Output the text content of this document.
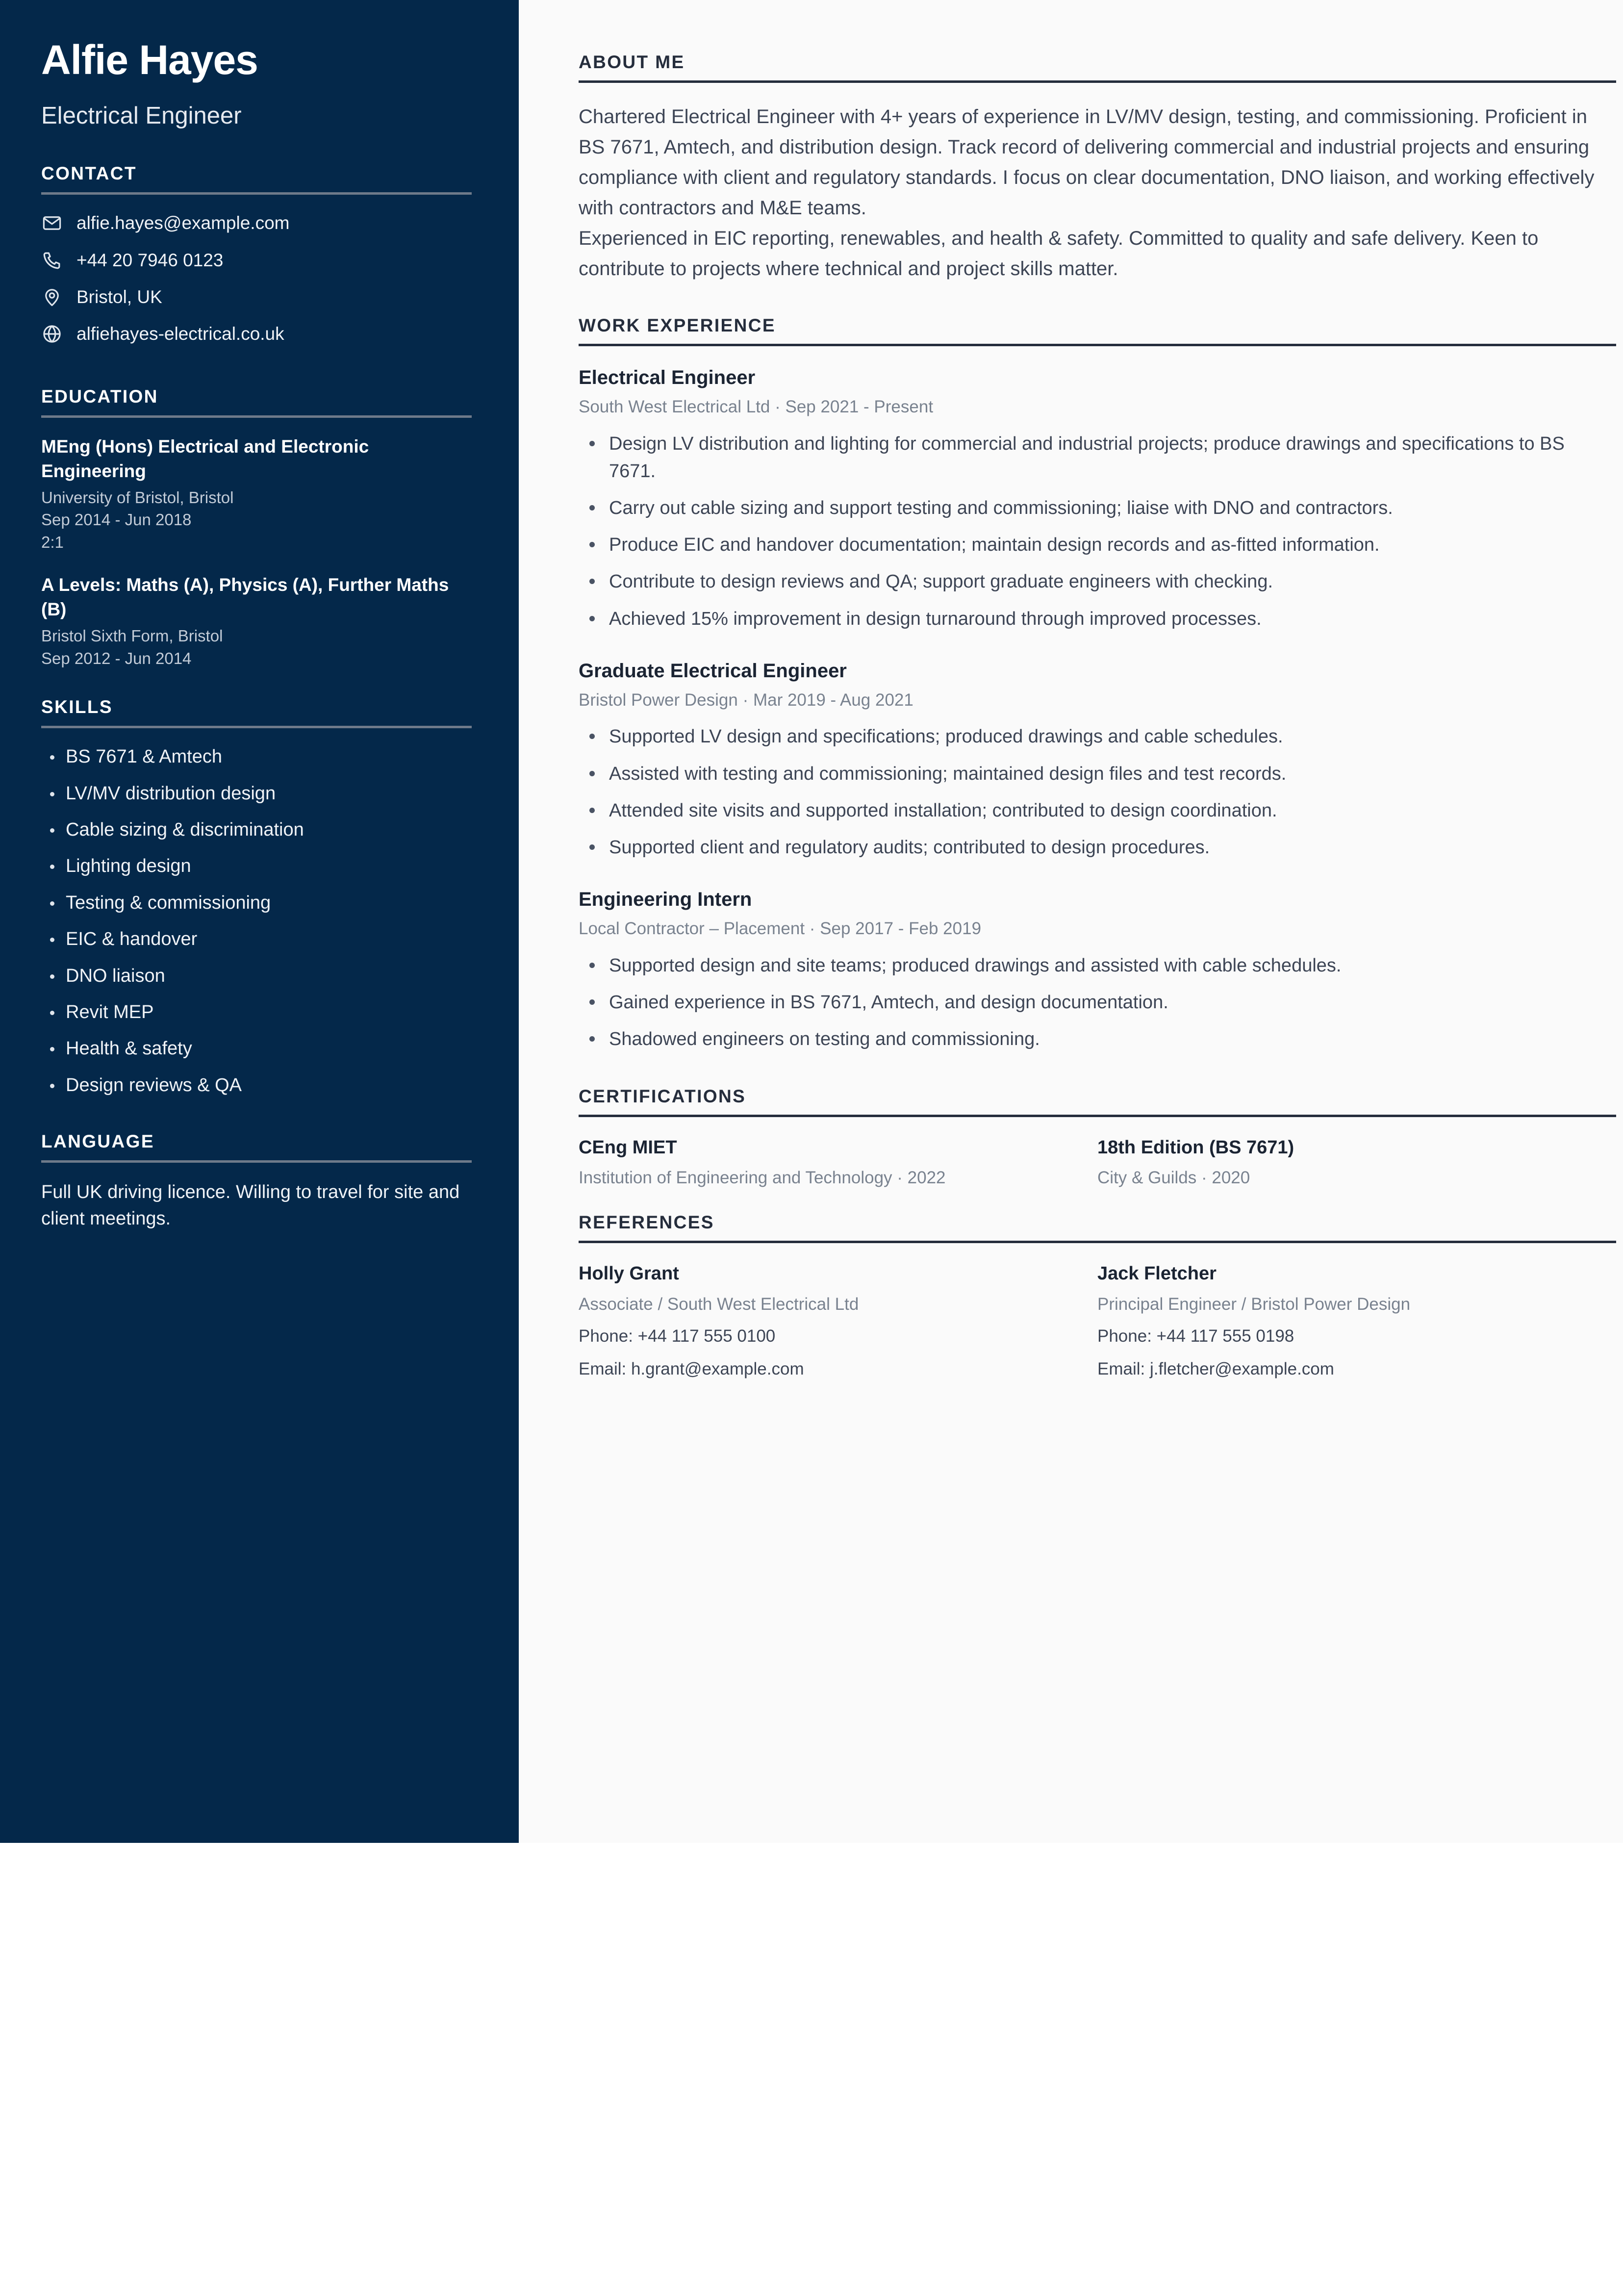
Alfie Hayes
Electrical Engineer
CONTACT
alfie.hayes@example.com
+44 20 7946 0123
Bristol, UK
alfiehayes-electrical.co.uk
EDUCATION
MEng (Hons) Electrical and Electronic Engineering
University of Bristol, Bristol
Sep 2014 - Jun 2018
2:1
A Levels: Maths (A), Physics (A), Further Maths (B)
Bristol Sixth Form, Bristol
Sep 2012 - Jun 2014
SKILLS
BS 7671 & Amtech
LV/MV distribution design
Cable sizing & discrimination
Lighting design
Testing & commissioning
EIC & handover
DNO liaison
Revit MEP
Health & safety
Design reviews & QA
LANGUAGE
Full UK driving licence. Willing to travel for site and client meetings.
ABOUT ME

Chartered Electrical Engineer with 4+ years of experience in LV/MV design, testing, and commissioning. Proficient in BS 7671, Amtech, and distribution design. Track record of delivering commercial and industrial projects and ensuring compliance with client and regulatory standards. I focus on clear documentation, DNO liaison, and working effectively with contractors and M&E teams.

Experienced in EIC reporting, renewables, and health & safety. Committed to quality and safe delivery. Keen to contribute to projects where technical and project skills matter.

WORK EXPERIENCE
Electrical Engineer
South West Electrical Ltd · Sep 2021 - Present
Design LV distribution and lighting for commercial and industrial projects; produce drawings and specifications to BS 7671.
Carry out cable sizing and support testing and commissioning; liaise with DNO and contractors.
Produce EIC and handover documentation; maintain design records and as-fitted information.
Contribute to design reviews and QA; support graduate engineers with checking.
Achieved 15% improvement in design turnaround through improved processes.
Graduate Electrical Engineer
Bristol Power Design · Mar 2019 - Aug 2021
Supported LV design and specifications; produced drawings and cable schedules.
Assisted with testing and commissioning; maintained design files and test records.
Attended site visits and supported installation; contributed to design coordination.
Supported client and regulatory audits; contributed to design procedures.
Engineering Intern
Local Contractor – Placement · Sep 2017 - Feb 2019
Supported design and site teams; produced drawings and assisted with cable schedules.
Gained experience in BS 7671, Amtech, and design documentation.
Shadowed engineers on testing and commissioning.
CERTIFICATIONS
CEng MIET
Institution of Engineering and Technology · 2022
18th Edition (BS 7671)
City & Guilds · 2020
REFERENCES
Holly Grant
Associate / South West Electrical Ltd
Phone: +44 117 555 0100
Email: h.grant@example.com
Jack Fletcher
Principal Engineer / Bristol Power Design
Phone: +44 117 555 0198
Email: j.fletcher@example.com
